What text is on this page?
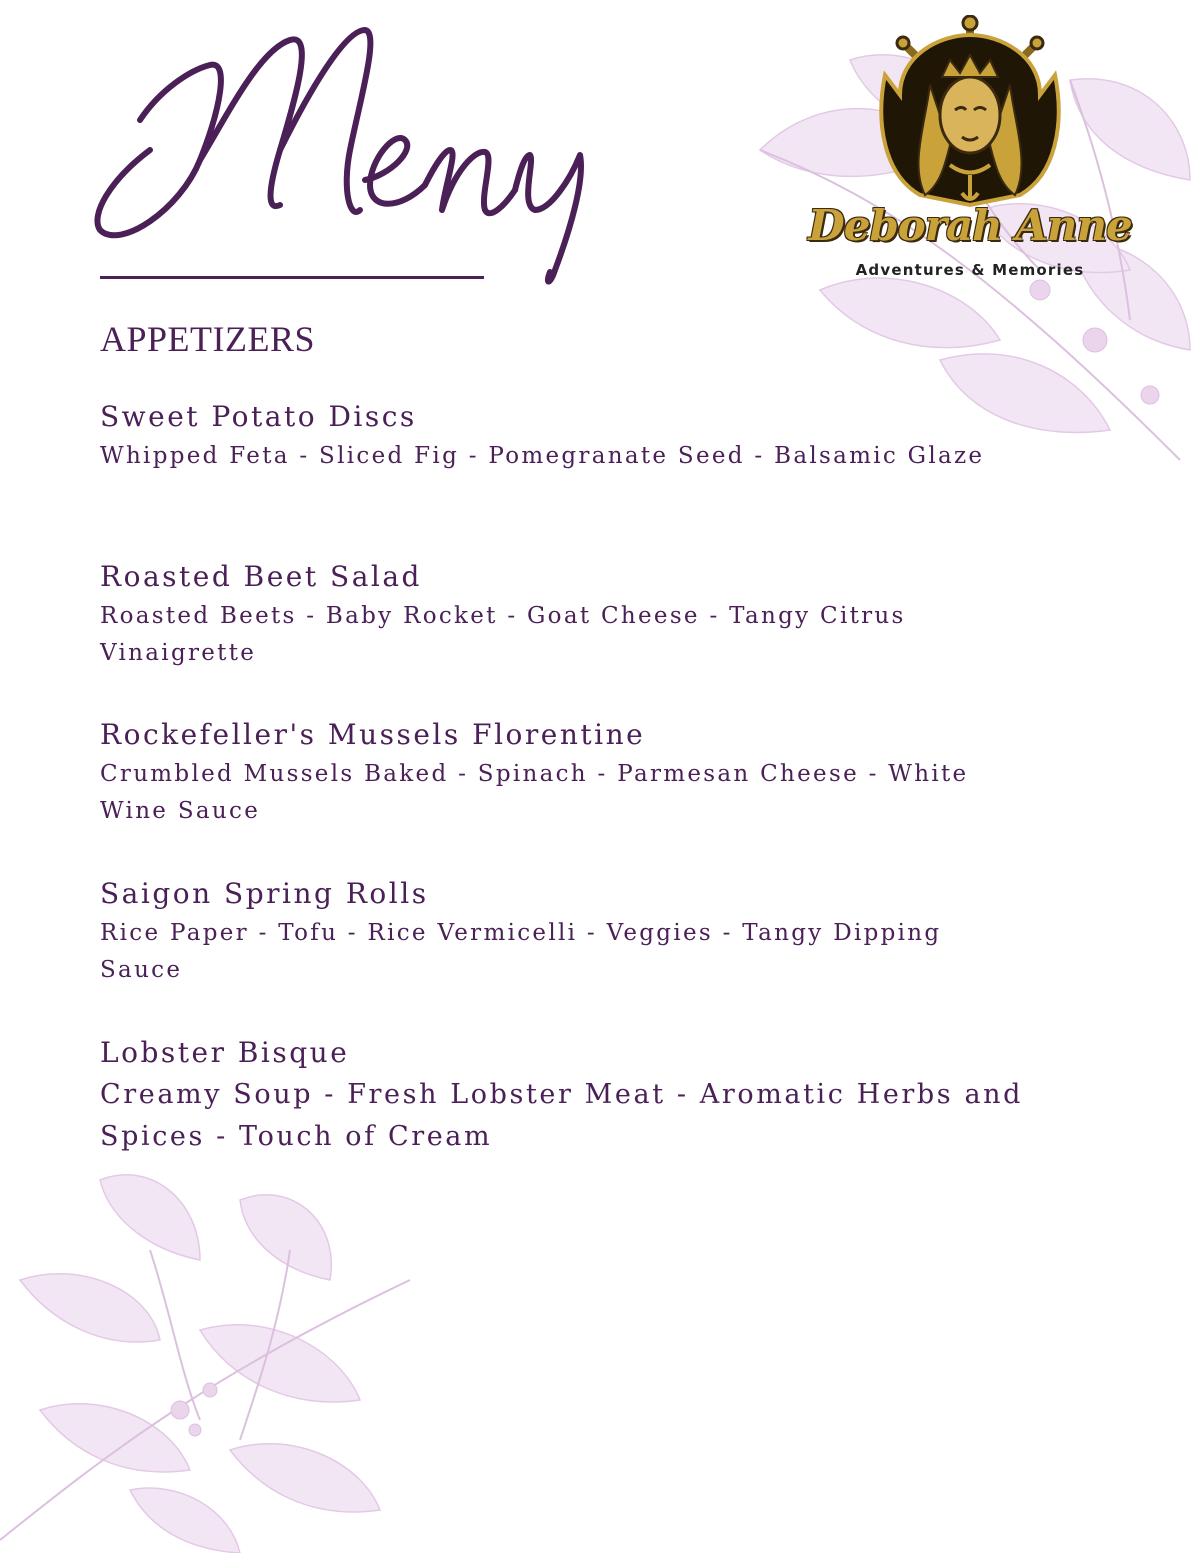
Deborah Anne
Adventures & Memories
APPETIZERS
Sweet Potato Discs
Whipped Feta - Sliced Fig - Pomegranate Seed - Balsamic Glaze
Roasted Beet Salad
Roasted Beets - Baby Rocket - Goat Cheese - Tangy Citrus Vinaigrette
Rockefeller's Mussels Florentine
Crumbled Mussels Baked - Spinach - Parmesan Cheese - White Wine Sauce
Saigon Spring Rolls
Rice Paper - Tofu - Rice Vermicelli - Veggies - Tangy Dipping Sauce
Lobster Bisque
Creamy Soup - Fresh Lobster Meat - Aromatic Herbs and Spices - Touch of Cream
